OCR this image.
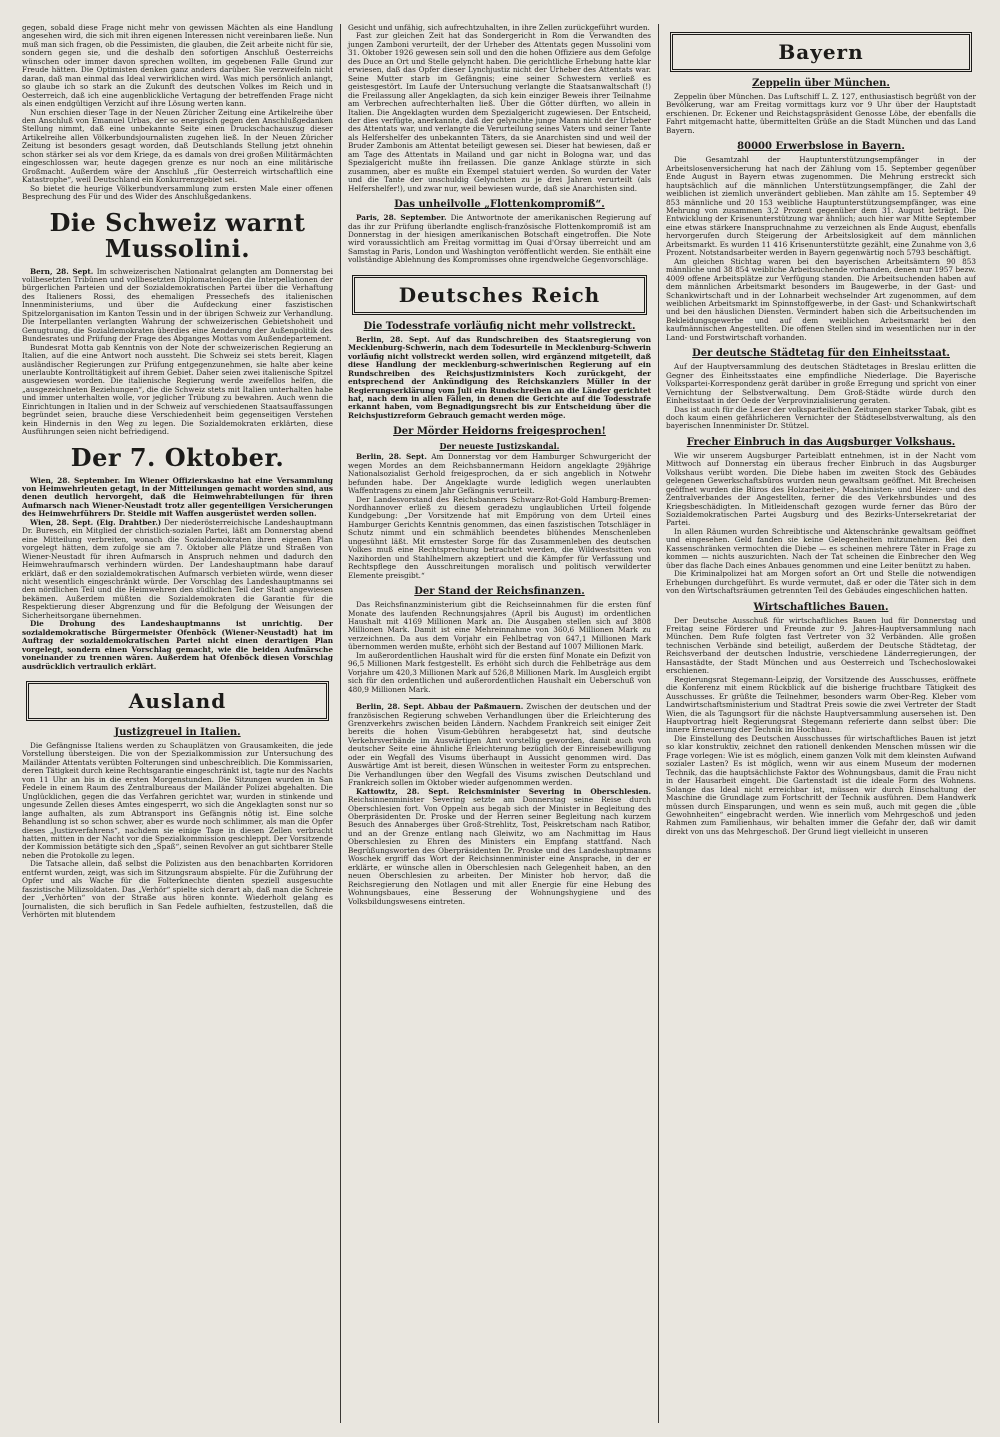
gegen, sobald diese Frage nicht mehr von gewissen Mächten als eine Handlung angesehen wird, die sich mit ihren eigenen Interessen nicht vereinbaren ließe. Nun muß man sich fragen, ob die Pessimisten, die glauben, die Zeit arbeite nicht für sie, sondern gegen sie, und die deshalb den sofortigen Anschluß Oesterreichs wünschen oder immer davon sprechen wollten, im gegebenen Falle Grund zur Freude hätten. Die Optimisten denken ganz anders darüber. Sie verzweifeln nicht daran, daß man einmal das Ideal verwirklichen wird. Was mich persönlich anlangt, so glaube ich so stark an die Zukunft des deutschen Volkes im Reich und in Oesterreich, daß ich eine augenblickliche Vertagung der betreffenden Frage nicht als einen endgültigen Verzicht auf ihre Lösung werten kann.

Nun erschien dieser Tage in der Neuen Züricher Zeitung eine Artikelreihe über den Anschluß von Emanuel Urbas, der so energisch gegen den Anschlußgedanken Stellung nimmt, daß eine unbekannte Seite einen Druckschachauszug dieser Artikelreihe allen Völkerbundsjournalisten zugehen ließ. In der Neuen Züricher Zeitung ist besonders gesagt worden, daß Deutschlands Stellung jetzt ohnehin schon stärker sei als vor dem Kriege, da es damals von drei großen Militärmächten eingeschlossen war, heute dagegen grenze es nur noch an eine militärische Großmacht. Außerdem wäre der Anschluß „für Oesterreich wirtschaftlich eine Katastrophe“, weil Deutschland ein Konkurrenzgebiet sei.

So bietet die heurige Völkerbundversammlung zum ersten Male einer offenen Besprechung des Für und des Wider des Anschlußgedankens.

Die Schweiz warnt Mussolini.

Bern, 28. Sept. Im schweizerischen Nationalrat gelangten am Donnerstag bei vollbesetzten Tribünen und vollbesetzten Diplomatenlogen die Interpellationen der bürgerlichen Parteien und der Sozialdemokratischen Partei über die Verhaftung des Italieners Rossi, des ehemaligen Pressechefs des italienischen Innenministeriums, und über die Aufdeckung einer faszistischen Spitzelorganisation im Kanton Tessin und in der übrigen Schweiz zur Verhandlung. Die Interpellanten verlangten Wahrung der schweizerischen Gebietshoheit und Genugtuung, die Sozialdemokraten überdies eine Aenderung der Außenpolitik des Bundesrates und Prüfung der Frage des Abganges Mottas vom Außendepartement.

Bundesrat Motta gab Kenntnis von der Note der schweizerischen Regierung an Italien, auf die eine Antwort noch aussteht. Die Schweiz sei stets bereit, Klagen ausländischer Regierungen zur Prüfung entgegenzunehmen, sie halte aber keine unerlaubte Kontrolltätigkeit auf ihrem Gebiet. Daher seien zwei italienische Spitzel ausgewiesen worden. Die italienische Regierung werde zweifellos helfen, die „ausgezeichneten Beziehungen“, die die Schweiz stets mit Italien unterhalten habe und immer unterhalten wolle, vor jeglicher Trübung zu bewahren. Auch wenn die Einrichtungen in Italien und in der Schweiz auf verschiedenen Staatsauffassungen begründet seien, brauche diese Verschiedenheit beim gegenseitigen Verstehen kein Hindernis in den Weg zu legen. Die Sozialdemokraten erklärten, diese Ausführungen seien nicht befriedigend.

Der 7. Oktober.

Wien, 28. September. Im Wiener Offizierskasino hat eine Versammlung von Heimwehrleuten getagt, in der Mitteilungen gemacht worden sind, aus denen deutlich hervorgeht, daß die Heimwehrabteilungen für ihren Aufmarsch nach Wiener-Neustadt trotz aller gegenteiligen Versicherungen des Heimwehrführers Dr. Steidle mit Waffen ausgerüstet werden sollen.

Wien, 28. Sept. (Eig. Drahtber.) Der niederösterreichische Landeshauptmann Dr. Buresch, ein Mitglied der christlich-sozialen Partei, läßt am Donnerstag abend eine Mitteilung verbreiten, wonach die Sozialdemokraten ihren eigenen Plan vorgelegt hätten, dem zufolge sie am 7. Oktober alle Plätze und Straßen von Wiener-Neustadt für ihren Aufmarsch in Anspruch nehmen und dadurch den Heimwehraufmarsch verhindern würden. Der Landeshauptmann habe darauf erklärt, daß er den sozialdemokratischen Aufmarsch verbieten würde, wenn dieser nicht wesentlich eingeschränkt würde. Der Vorschlag des Landeshauptmanns sei den nördlichen Teil und die Heimwehren den südlichen Teil der Stadt angewiesen bekämen. Außerdem müßten die Sozialdemokraten die Garantie für die Respektierung dieser Abgrenzung und für die Befolgung der Weisungen der Sicherheitsorgane übernehmen.

Die Drohung des Landeshauptmanns ist unrichtig. Der sozialdemokratische Bürgermeister Ofenböck (Wiener-Neustadt) hat im Auftrag der sozialdemokratischen Partei nicht einen derartigen Plan vorgelegt, sondern einen Vorschlag gemacht, wie die beiden Aufmärsche voneinander zu trennen wären. Außerdem hat Ofenböck diesen Vorschlag ausdrücklich vertraulich erklärt.

Ausland
Justizgreuel in Italien.

Die Gefängnisse Italiens werden zu Schauplätzen von Grausamkeiten, die jede Vorstellung übersteigen. Die von der Spezialkommission zur Untersuchung des Mailänder Attentats verübten Folterungen sind unbeschreiblich. Die Kommissarien, deren Tätigkeit durch keine Rechtsgarantie eingeschränkt ist, tagte nur des Nachts von 11 Uhr an bis in die ersten Morgenstunden. Die Sitzungen wurden in San Fedele in einem Raum des Zentralbureaus der Mailänder Polizei abgehalten. Die Unglücklichen, gegen die das Verfahren gerichtet war, wurden in stinkende und ungesunde Zellen dieses Amtes eingesperrt, wo sich die Angeklagten sonst nur so lange aufhalten, als zum Abtransport ins Gefängnis nötig ist. Eine solche Behandlung ist so schon schwer, aber es wurde noch schlimmer, als man die Opfer dieses „Justizverfahrens“, nachdem sie einige Tage in diesen Zellen verbracht hatten, mitten in der Nacht vor die Spezialkommission geschleppt. Der Vorsitzende der Kommission betätigte sich den „Spaß“, seinen Revolver an gut sichtbarer Stelle neben die Protokolle zu legen.

Die Tatsache allein, daß selbst die Polizisten aus den benachbarten Korridoren entfernt wurden, zeigt, was sich im Sitzungsraum abspielte. Für die Zuführung der Opfer und als Wache für die Folterknechte dienten speziell ausgesuchte faszistische Milizsoldaten. Das „Verhör“ spielte sich derart ab, daß man die Schreie der „Verhörten“ von der Straße aus hören konnte. Wiederholt gelang es Journalisten, die sich beruflich in San Fedele aufhielten, festzustellen, daß die Verhörten mit blutendem

Gesicht und unfähig, sich aufrechtzuhalten, in ihre Zellen zurückgeführt wurden.

Fast zur gleichen Zeit hat das Sondergericht in Rom die Verwandten des jungen Zamboni verurteilt, der der Urheber des Attentats gegen Mussolini vom 31. Oktober 1926 gewesen sein soll und den die hohen Offiziere aus dem Gefolge des Duce an Ort und Stelle gelyncht haben. Die gerichtliche Erhebung hatte klar erwiesen, daß das Opfer dieser Lynchjustiz nicht der Urheber des Attentats war. Seine Mutter starb im Gefängnis; eine seiner Schwestern verließ es geistesgestört. Im Laufe der Untersuchung verlangte die Staatsanwaltschaft (!) die Freilassung aller Angeklagten, da sich kein einziger Beweis ihrer Teilnahme am Verbrechen aufrechterhalten ließ. Über die Götter dürften, wo allein in Italien. Die Angeklagten wurden dem Spezialgericht zugewiesen. Der Entscheid, der dies verfügte, anerkannte, daß der gelynchte junge Mann nicht der Urheber des Attentats war, und verlangte die Verurteilung seines Vaters und seiner Tante als Helfershelfer des unbekannten Täters, da sie Anarchisten sind und weil der Bruder Zambonis am Attentat beteiligt gewesen sei. Dieser hat bewiesen, daß er am Tage des Attentats in Mailand und gar nicht in Bologna war, und das Spezialgericht mußte ihn freilassen. Die ganze Anklage stürzte in sich zusammen, aber es mußte ein Exempel statuiert werden. So wurden der Vater und die Tante der unschuldig Gelynchten zu je drei Jahren verurteilt (als Helfershelfer!), und zwar nur, weil bewiesen wurde, daß sie Anarchisten sind.

Das unheilvolle „Flottenkompromiß“.

Paris, 28. September. Die Antwortnote der amerikanischen Regierung auf das ihr zur Prüfung überlandte englisch-französische Flottenkompromiß ist am Donnerstag in der hiesigen amerikanischen Botschaft eingetroffen. Die Note wird voraussichtlich am Freitag vormittag im Quai d'Orsay überreicht und am Samstag in Paris, London und Washington veröffentlicht werden. Sie enthält eine vollständige Ablehnung des Kompromisses ohne irgendwelche Gegenvorschläge.

Deutsches Reich
Die Todesstrafe vorläufig nicht mehr vollstreckt.

Berlin, 28. Sept. Auf das Rundschreiben des Staatsregierung von Mecklenburg-Schwerin, nach dem Todesurteile in Mecklenburg-Schwerin vorläufig nicht vollstreckt werden sollen, wird ergänzend mitgeteilt, daß diese Handlung der mecklenburg-schwerinischen Regierung auf ein Rundschreiben des Reichsjustizministers Koch zurückgeht, der entsprechend der Ankündigung des Reichskanzlers Müller in der Regierungserklärung vom Juli ein Rundschreiben an die Länder gerichtet hat, nach dem in allen Fällen, in denen die Gerichte auf die Todesstrafe erkannt haben, vom Begnadigungsrecht bis zur Entscheidung über die Reichsjustizreform Gebrauch gemacht werden möge.

Der Mörder Heidorns freigesprochen!
Der neueste Justizskandal.

Berlin, 28. Sept. Am Donnerstag vor dem Hamburger Schwurgericht der wegen Mordes an dem Reichsbannermann Heidorn angeklagte 29jährige Nationalsozialist Gerhold freigesprochen, da er sich angeblich in Notwehr befunden habe. Der Angeklagte wurde lediglich wegen unerlaubten Waffentragens zu einem Jahr Gefängnis verurteilt.

Der Landesvorstand des Reichsbanners Schwarz-Rot-Gold Hamburg-Bremen-Nordhannover erließ zu diesem geradezu unglaublichen Urteil folgende Kundgebung: „Der Vorsitzende hat mit Empörung von dem Urteil eines Hamburger Gerichts Kenntnis genommen, das einen faszistischen Totschläger in Schutz nimmt und ein schmählich beendetes blühendes Menschenleben ungesühnt läßt. Mit ernstester Sorge für das Zusammenleben des deutschen Volkes muß eine Rechtsprechung betrachtet werden, die Wildwestsitten von Nazihorden und Stahlhelmern akzeptiert und die Kämpfer für Verfassung und Rechtspflege den Ausschreitungen moralisch und politisch verwilderter Elemente preisgibt.“

Der Stand der Reichsfinanzen.

Das Reichsfinanzministerium gibt die Reichseinnahmen für die ersten fünf Monate des laufenden Rechnungsjahres (April bis August) im ordentlichen Haushalt mit 4169 Millionen Mark an. Die Ausgaben stellen sich auf 3808 Millionen Mark. Damit ist eine Mehreinnahme von 360,6 Millionen Mark zu verzeichnen. Da aus dem Vorjahr ein Fehlbetrag von 647,1 Millionen Mark übernommen werden mußte, erhöht sich der Bestand auf 1007 Millionen Mark.

Im außerordentlichen Haushalt wird für die ersten fünf Monate ein Defizit von 96,5 Millionen Mark festgestellt. Es erhöht sich durch die Fehlbeträge aus dem Vorjahre um 420,3 Millionen Mark auf 526,8 Millionen Mark. Im Ausgleich ergibt sich für den ordentlichen und außerordentlichen Haushalt ein Ueberschuß von 480,9 Millionen Mark.

Berlin, 28. Sept. Abbau der Paßmauern. Zwischen der deutschen und der französischen Regierung schweben Verhandlungen über die Erleichterung des Grenzverkehrs zwischen beiden Ländern. Nachdem Frankreich seit einiger Zeit bereits die hohen Visum-Gebühren herabgesetzt hat, sind deutsche Verkehrsverbände im Auswärtigen Amt vorstellig geworden, damit auch von deutscher Seite eine ähnliche Erleichterung bezüglich der Einreisebewilligung oder ein Wegfall des Visums überhaupt in Aussicht genommen wird. Das Auswärtige Amt ist bereit, diesen Wünschen in weitester Form zu entsprechen. Die Verhandlungen über den Wegfall des Visums zwischen Deutschland und Frankreich sollen im Oktober wieder aufgenommen werden.

Kattowitz, 28. Sept. Reichsminister Severing in Oberschlesien. Reichsinnenminister Severing setzte am Donnerstag seine Reise durch Oberschlesien fort. Von Oppeln aus begab sich der Minister in Begleitung des Oberpräsidenten Dr. Proske und der Herren seiner Begleitung nach kurzem Besuch des Annaberges über Groß-Strehlitz, Tost, Peiskretscham nach Ratibor, und an der Grenze entlang nach Gleiwitz, wo am Nachmittag im Haus Oberschlesien zu Ehren des Ministers ein Empfang stattfand. Nach Begrüßungsworten des Oberpräsidenten Dr. Proske und des Landeshauptmanns Woschek ergriff das Wort der Reichsinnenminister eine Ansprache, in der er erklärte, er wünsche allen in Oberschlesien nach Gelegenheit haben, an den neuen Oberschlesien zu arbeiten. Der Minister hob hervor, daß die Reichsregierung den Notlagen und mit aller Energie für eine Hebung des Wohnungsbaues, eine Besserung der Wohnungshygiene und des Volksbildungswesens eintreten.

Bayern
Zeppelin über München.

Zeppelin über München. Das Luftschiff L. Z. 127, enthusiastisch begrüßt von der Bevölkerung, war am Freitag vormittags kurz vor 9 Uhr über der Hauptstadt erschienen. Dr. Eckener und Reichstagspräsident Genosse Löbe, der ebenfalls die Fahrt mitgemacht hatte, übermittelten Grüße an die Stadt München und das Land Bayern.

80000 Erwerbslose in Bayern.

Die Gesamtzahl der Hauptunterstützungsempfänger in der Arbeitslosenversicherung hat nach der Zählung vom 15. September gegenüber Ende August in Bayern etwas zugenommen. Die Mehrung erstreckt sich hauptsächlich auf die männlichen Unterstützungsempfänger, die Zahl der weiblichen ist ziemlich unverändert geblieben. Man zählte am 15. September 49 853 männliche und 20 153 weibliche Hauptunterstützungsempfänger, was eine Mehrung von zusammen 3,2 Prozent gegenüber dem 31. August beträgt. Die Entwicklung der Krisenunterstützung war ähnlich; auch hier war Mitte September eine etwas stärkere Inanspruchnahme zu verzeichnen als Ende August, ebenfalls hervorgerufen durch Steigerung der Arbeitslosigkeit auf dem männlichen Arbeitsmarkt. Es wurden 11 416 Krisenunterstützte gezählt, eine Zunahme von 3,6 Prozent. Notstandsarbeiter werden in Bayern gegenwärtig noch 5793 beschäftigt.

Am gleichen Stichtag waren bei den bayerischen Arbeitsämtern 90 853 männliche und 38 854 weibliche Arbeitsuchende vorhanden, denen nur 1957 bezw. 4009 offene Arbeitsplätze zur Verfügung standen. Die Arbeitsuchenden haben auf dem männlichen Arbeitsmarkt besonders im Baugewerbe, in der Gast- und Schankwirtschaft und in der Lohnarbeit wechselnder Art zugenommen, auf dem weiblichen Arbeitsmarkt im Spinnstoffgewerbe, in der Gast- und Schankwirtschaft und bei den häuslichen Diensten. Vermindert haben sich die Arbeitsuchenden im Bekleidungsgewerbe und auf dem weiblichen Arbeitsmarkt bei den kaufmännischen Angestellten. Die offenen Stellen sind im wesentlichen nur in der Land- und Forstwirtschaft vorhanden.

Der deutsche Städtetag für den Einheitsstaat.

Auf der Hauptversammlung des deutschen Städtetages in Breslau erlitten die Gegner des Einheitsstaates eine empfindliche Niederlage. Die Bayerische Volkspartei-Korrespondenz gerät darüber in große Erregung und spricht von einer Vernichtung der Selbstverwaltung. Dem Groß-Städte würde durch den Einheitsstaat in der Oede der Verprovinzialisierung geraten.

Das ist auch für die Leser der volksparteilichen Zeitungen starker Tabak, gibt es doch kaum einen gefährlicheren Vernichter der Städteselbstverwaltung, als den bayerischen Innenminister Dr. Stützel.

Frecher Einbruch in das Augsburger Volkshaus.

Wie wir unserem Augsburger Parteiblatt entnehmen, ist in der Nacht vom Mittwoch auf Donnerstag ein überaus frecher Einbruch in das Augsburger Volkshaus verübt worden. Die Diebe haben im zweiten Stock des Gebäudes gelegenen Gewerkschaftsbüros wurden neun gewaltsam geöffnet. Mit Brecheisen geöffnet wurden die Büros des Holzarbeiter-, Maschinisten- und Heizer- und des Zentralverbandes der Angestellten, ferner die des Verkehrsbundes und des Kriegsbeschädigten. In Mitleidenschaft gezogen wurde ferner das Büro der Sozialdemokratischen Partei Augsburg und des Bezirks-Untersekretariat der Partei.

In allen Räumen wurden Schreibtische und Aktenschränke gewaltsam geöffnet und eingesehen. Geld fanden sie keine Gelegenheiten mitzunehmen. Bei den Kassenschränken vermochten die Diebe — es scheinen mehrere Täter in Frage zu kommen — nichts auszurichten. Nach der Tat scheinen die Einbrecher den Weg über das flache Dach eines Anbaues genommen und eine Leiter benützt zu haben.

Die Kriminalpolizei hat am Morgen sofort an Ort und Stelle die notwendigen Erhebungen durchgeführt. Es wurde vermutet, daß er oder die Täter sich in dem von den Wirtschaftsräumen getrennten Teil des Gebäudes eingeschlichen hatten.

Wirtschaftliches Bauen.

Der Deutsche Ausschuß für wirtschaftliches Bauen lud für Donnerstag und Freitag seine Förderer und Freunde zur 9. Jahres-Hauptversammlung nach München. Dem Rufe folgten fast Vertreter von 32 Verbänden. Alle großen technischen Verbände sind beteiligt, außerdem der Deutsche Städtetag, der Reichsverband der deutschen Industrie, verschiedene Länderregierungen, der Hansastädte, der Stadt München und aus Oesterreich und Tschechoslowakei erschienen.

Regierungsrat Stegemann-Leipzig, der Vorsitzende des Ausschusses, eröffnete die Konferenz mit einem Rückblick auf die bisherige fruchtbare Tätigkeit des Ausschusses. Er grüßte die Teilnehmer, besonders warm Ober-Reg. Kleber vom Landwirtschaftsministerium und Stadtrat Preis sowie die zwei Vertreter der Stadt Wien, die als Tagungsort für die nächste Hauptversammlung ausersehen ist. Den Hauptvortrag hielt Regierungsrat Stegemann referierte dann selbst über: Die innere Erneuerung der Technik im Hochbau.

Die Einstellung des Deutschen Ausschusses für wirtschaftliches Bauen ist jetzt so klar konstruktiv, zeichnet den rationell denkenden Menschen müssen wir die Frage vorlegen: Wie ist es möglich, einem ganzen Volk mit dem kleinsten Aufwand sozialer Lasten? Es ist möglich, wenn wir aus einem Museum der modernen Technik, das die hauptsächlichste Faktor des Wohnungsbaus, damit die Frau nicht in der Hausarbeit eingeht. Die Gartenstadt ist die ideale Form des Wohnens. Solange das Ideal nicht erreichbar ist, müssen wir durch Einschaltung der Maschine die Grundlage zum Fortschritt der Technik ausführen. Dem Handwerk müssen durch Einsparungen, und wenn es sein muß, auch mit gegen die „üble Gewohnheiten“ eingebracht werden. Wie innerlich vom Mehrgeschoß und jeden Rahmen zum Familienhaus, wir behalten immer die Gefahr der, daß wir damit direkt von uns das Mehrgeschoß. Der Grund liegt vielleicht in unseren
